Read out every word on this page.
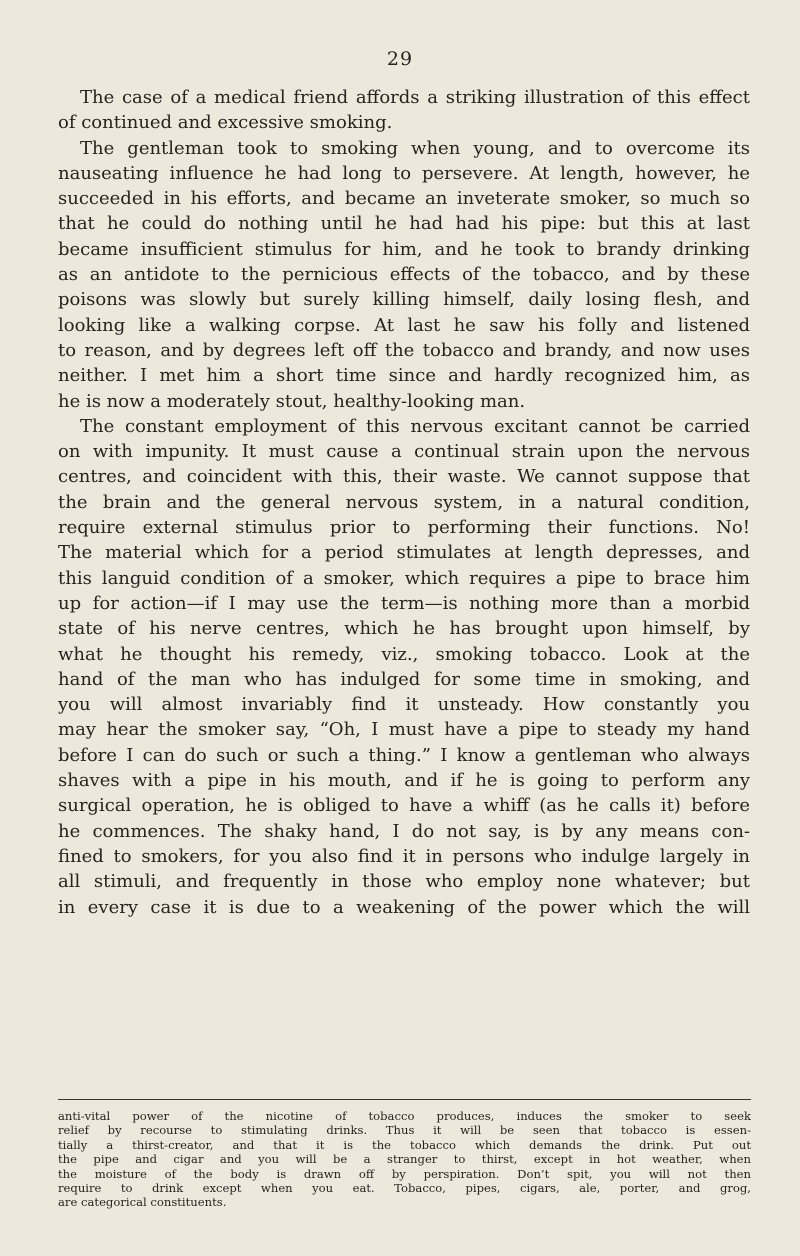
29
The case of a medical friend affords a striking illustration of this effect
of continued and excessive smoking.
The gentleman took to smoking when young, and to overcome its
nauseating influence he had long to persevere. At length, however, he
succeeded in his efforts, and became an inveterate smoker, so much so
that he could do nothing until he had had his pipe: but this at last
became insufficient stimulus for him, and he took to brandy drinking
as an antidote to the pernicious effects of the tobacco, and by these
poisons was slowly but surely killing himself, daily losing flesh, and
looking like a walking corpse. At last he saw his folly and listened
to reason, and by degrees left off the tobacco and brandy, and now uses
neither. I met him a short time since and hardly recognized him, as
he is now a moderately stout, healthy-looking man.
The constant employment of this nervous excitant cannot be carried
on with impunity. It must cause a continual strain upon the nervous
centres, and coincident with this, their waste. We cannot suppose that
the brain and the general nervous system, in a natural condition,
require external stimulus prior to performing their functions. No!
The material which for a period stimulates at length depresses, and
this languid condition of a smoker, which requires a pipe to brace him
up for action—if I may use the term—is nothing more than a morbid
state of his nerve centres, which he has brought upon himself, by
what he thought his remedy, viz., smoking tobacco. Look at the
hand of the man who has indulged for some time in smoking, and
you will almost invariably find it unsteady. How constantly you
may hear the smoker say, “Oh, I must have a pipe to steady my hand
before I can do such or such a thing.” I know a gentleman who always
shaves with a pipe in his mouth, and if he is going to perform any
surgical operation, he is obliged to have a whiff (as he calls it) before
he commences. The shaky hand, I do not say, is by any means con-
fined to smokers, for you also find it in persons who indulge largely in
all stimuli, and frequently in those who employ none whatever; but
in every case it is due to a weakening of the power which the will
anti-vital power of the nicotine of tobacco produces, induces the smoker to seek
relief by recourse to stimulating drinks. Thus it will be seen that tobacco is essen-
tially a thirst-creator, and that it is the tobacco which demands the drink. Put out
the pipe and cigar and you will be a stranger to thirst, except in hot weather, when
the moisture of the body is drawn off by perspiration. Don’t spit, you will not then
require to drink except when you eat. Tobacco, pipes, cigars, ale, porter, and grog,
are categorical constituents.
